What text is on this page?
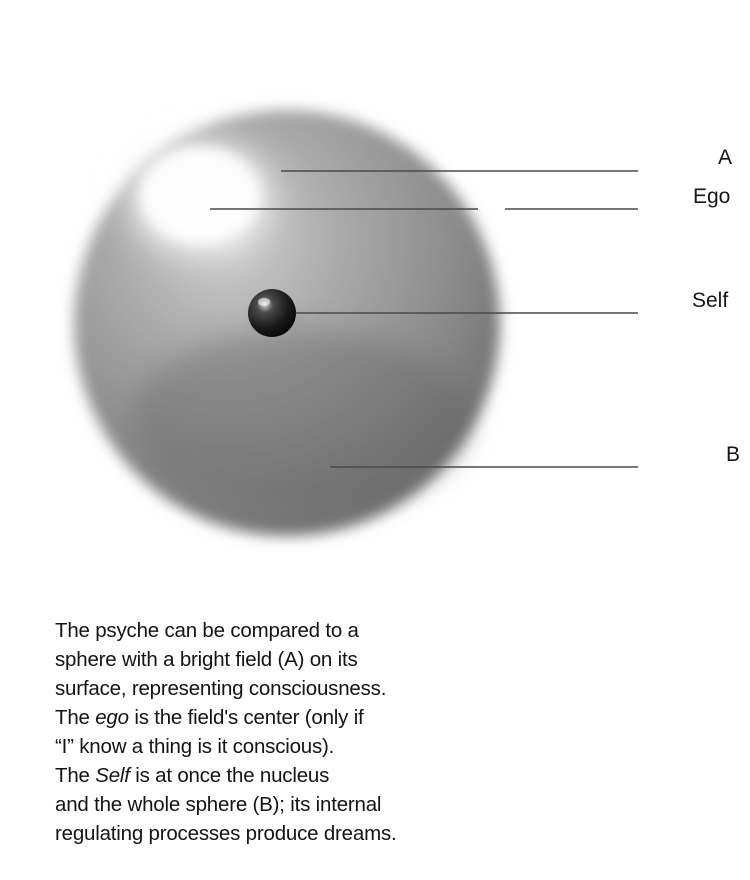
A
Ego
Self
B
The psyche can be compared to a
sphere with a bright field (A) on its
surface, representing consciousness.
The ego is the field's center (only if
“I” know a thing is it conscious).
The Self is at once the nucleus
and the whole sphere (B); its internal
regulating processes produce dreams.
